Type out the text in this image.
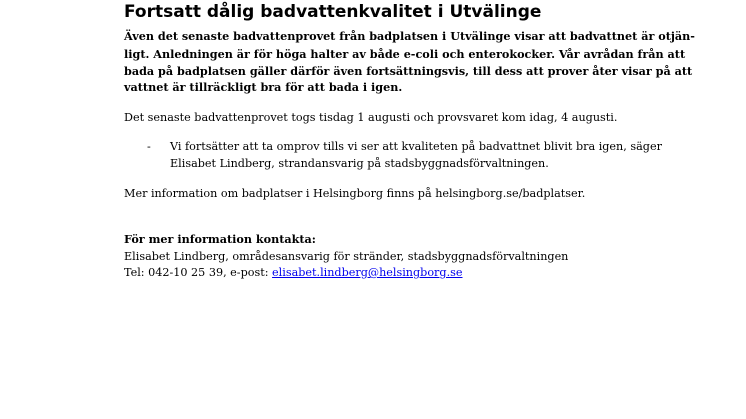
Fortsatt dålig badvattenkvalitet i Utvälinge

Även det senaste badvattenprovet från badplatsen i Utvälinge visar att badvattnet är otjän-

ligt. Anledningen är för höga halter av både e-coli och enterokocker. Vår avrådan från att

bada på badplatsen gäller därför även fortsättningsvis, till dess att prover åter visar på att

vattnet är tillräckligt bra för att bada i igen.

Det senaste badvattenprovet togs tisdag 1 augusti och provsvaret kom idag, 4 augusti.

- Vi fortsätter att ta omprov tills vi ser att kvaliteten på badvattnet blivit bra igen, säger

Elisabet Lindberg, strandansvarig på stadsbyggnadsförvaltningen.

Mer information om badplatser i Helsingborg finns på helsingborg.se/badplatser.

För mer information kontakta:

Elisabet Lindberg, områdesansvarig för stränder, stadsbyggnadsförvaltningen

Tel: 042-10 25 39, e-post: elisabet.lindberg@helsingborg.se
